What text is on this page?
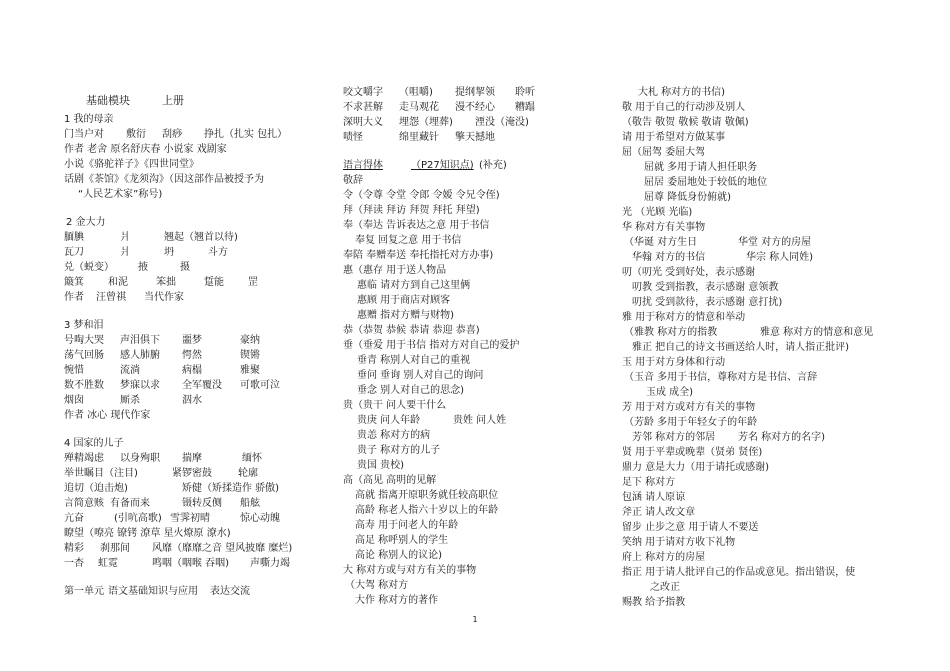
基础模块	上册
1 我的母亲
门当户对 敷衍 刮痧 挣扎（扎实 包扎）
作者 老舍 原名舒庆春 小说家 戏剧家
小说《骆驼祥子》《四世同堂》
话剧《茶馆》《龙须沟》（因这部作品被授予为
“人民艺术家”称号)
2 金大力
腼腆	爿	翘起（翘首以待)
瓦刀	爿	坍	斗方
兑（蜕变） 掖	摄
簸箕 和泥	笨拙	踅能 罡
作者 汪曾祺 当代作家
3 梦和泪
号啕大哭 声泪俱下 噩梦	豪纳
荡气回肠 感人肺腑 愕然	锲锵
惋惜	流淌	病榻	雅聚
数不胜数 梦寐以求 全军覆没 可歌可泣
烟囱	厮杀	泅水
作者 冰心 现代作家
4 国家的儿子
殚精竭虑 以身殉职 揣摩	缅怀
举世瞩目（注目)	紧锣密鼓	轮廓
追切（迫击炮)	矫健（矫揉造作 骄傲)
言简意赅 有备而来	镊转反侧 船舷
亢奋	(引吭高歌) 雪霁初晴	惊心动魄
瞭望（嘹亮 镣铐 潦草 星火燎原 潦水)
精彩 刹那间 风靡（靡靡之音 望风披靡 糜烂)
一杏 虹霓	鸣咽（咽喉 吞咽) 声嘶力竭
第一单元 语文基础知识与应用 表达交流
咬文嚼字 （咀嚼) 提纲挈领 聆听
不求甚解 走马观花 漫不经心 糟蹋
深明大义 埋怨（埋葬) 湮没（淹没)
啧怪	绵里藏针 擎天撼地
语言得体	（P27知识点) (补充)
敬辞
令（令尊 令堂 令郎 令嫒 令兄令侄)
拜（拜读 拜访 拜贺 拜托 拜望)
奉（奉达 告诉表达之意 用于书信
奉复 回复之意 用于书信
奉陪 奉赠奉送 奉托指托对方办事)
惠（惠存 用于送人物品
惠临 请对方到自己这里俩
惠顾 用于商店对顾客
惠赠 指对方赠与财物)
恭（恭贺 恭候 恭请 恭迎 恭喜)
垂（垂爱 用于书信 指对方对自己的爱护
垂青 称别人对自己的重视
垂问 垂询 别人对自己的询问
垂念 别人对自己的思念)
贵（贵干 问人要干什么
贵庚 问人年龄	贵姓 问人姓
贵恙 称对方的病
贵子 称对方的儿子
贵国 贵校)
高（高见 高明的见解
高就 指离开原职务就任较高职位
高龄 称老人指六十岁以上的年龄
高寿 用于问老人的年龄
高足 称呼别人的学生
高论 称别人的议论)
大 称对方或与对方有关的事物
（大驾 称对方
大作 称对方的著作
大札 称对方的书信)
敬 用于自己的行动涉及别人
（敬告 敬贺 敬候 敬请 敬佩)
请 用于希望对方做某事
屈（屈驾 委屈大驾
屈就 多用于请人担任职务
屈居 委屈地处于较低的地位
屈尊 降低身份俯就)
光 （光顾 光临)
华 称对方有关事物
（华诞 对方生日	华堂 对方的房屋
华翰 对方的书信	华宗 称人同姓)
叨（叨光 受到好处，表示感谢
叨教 受到指教，表示感谢 意领教
叨扰 受到款待，表示感谢 意打扰)
雅 用于称对方的情意和举动
（雅教 称对方的指教	雅意 称对方的情意和意见
雅正 把自己的诗文书画送给人时，请人指正批评)
玉 用于对方身体和行动
（玉音 多用于书信，尊称对方是书信、言辞
玉成 成全)
芳 用于对方或对方有关的事物
（芳龄 多用于年轻女子的年龄
芳邻 称对方的邻居 芳名 称对方的名字)
贤 用于平辈或晚辈（贤弟 贤侄)
鼎力 意是大力（用于请托或感谢)
足下 称对方
包涵 请人原谅
斧正 请人改文章
留步 止步之意 用于请人不要送
笑纳 用于请对方收下礼物
府上 称对方的房屋
指正 用于请人批评自己的作品或意见。指出错误，使
之改正
赐教 给予指教
1
